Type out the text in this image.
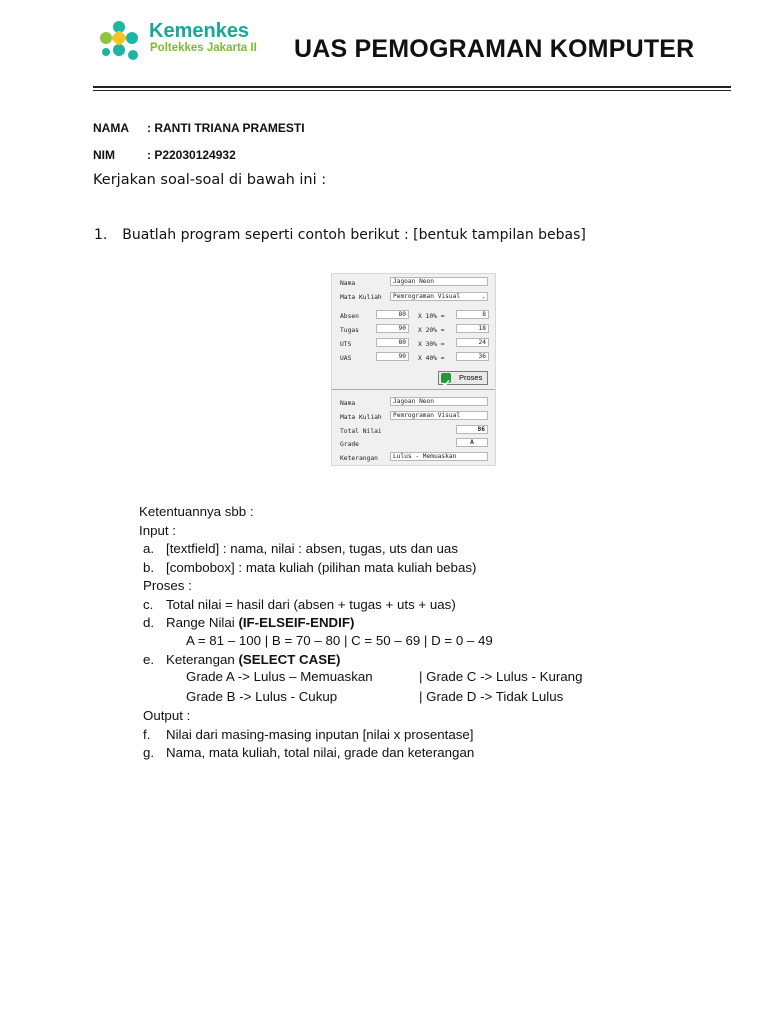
Kemenkes
Poltekkes Jakarta II UAS PEMOGRAMAN KOMPUTER
NAMA : RANTI TRIANA PRAMESTI
NIM	: P22030124932
Kerjakan soal-soal di bawah ini :
1. Buatlah program seperti contoh berikut : [bentuk tampilan bebas]
Nama	Jagoan Neon
Mata Kuliah	Pemrograman Visual	⌄
Absen	80	X 10% =	8
Tugas	90	X 20% =	18
UTS	80	X 30% =	24
UAS	90	X 40% =	36
Proses
Nama	Jagoan Neon
Mata Kuliah	Pemrograman Visual
Total Nilai	86
Grade	A
Keterangan	Lulus - Memuaskan
Ketentuannya sbb :
Input :
a. [textfield] : nama, nilai : absen, tugas, uts dan uas
b. [combobox] : mata kuliah (pilihan mata kuliah bebas)
Proses :
c. Total nilai = hasil dari (absen + tugas + uts + uas)
d. Range Nilai (IF-ELSEIF-ENDIF)
A = 81 – 100 | B = 70 – 80 | C = 50 – 69 | D = 0 – 49
e. Keterangan (SELECT CASE)
Grade A -> Lulus – Memuaskan	| Grade C -> Lulus - Kurang
Grade B -> Lulus - Cukup	| Grade D -> Tidak Lulus
Output :
f. Nilai dari masing-masing inputan [nilai x prosentase]
g. Nama, mata kuliah, total nilai, grade dan keterangan
